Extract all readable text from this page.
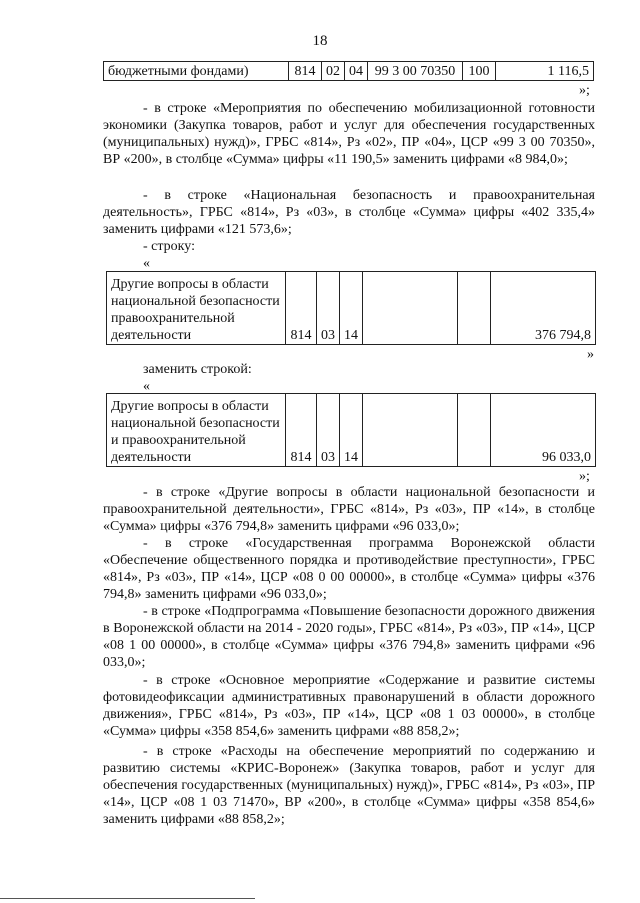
18
бюджетными фондами)	814	02	04	99 3 00 70350	100	1 116,5
»;

- в строке «Мероприятия по обеспечению мобилизационной готовности экономики (Закупка товаров, работ и услуг для обеспечения государственных (муниципальных) нужд)», ГРБС «814», Рз «02», ПР «04», ЦСР «99 3 00 70350», ВР «200», в столбце «Сумма» цифры «11 190,5» заменить цифрами «8 984,0»;

- в строке «Национальная безопасность и правоохранительная деятельность», ГРБС «814», Рз «03», в столбце «Сумма» цифры «402 335,4» заменить цифрами «121 573,6»;

- строку:
«
Другие вопросы в области национальной безопасности правоохранительной деятельности	814	03	14			376 794,8
»
заменить строкой:
«
Другие вопросы в области национальной безопасности и правоохранительной деятельности	814	03	14			96 033,0
»;

- в строке «Другие вопросы в области национальной безопасности и правоохранительной деятельности», ГРБС «814», Рз «03», ПР «14», в столбце «Сумма» цифры «376 794,8» заменить цифрами «96 033,0»;

- в строке «Государственная программа Воронежской области «Обеспечение общественного порядка и противодействие преступности», ГРБС «814», Рз «03», ПР «14», ЦСР «08 0 00 00000», в столбце «Сумма» цифры «376 794,8» заменить цифрами «96 033,0»;

- в строке «Подпрограмма «Повышение безопасности дорожного движения в Воронежской области на 2014 - 2020 годы», ГРБС «814», Рз «03», ПР «14», ЦСР «08 1 00 00000», в столбце «Сумма» цифры «376 794,8» заменить цифрами «96 033,0»;

- в строке «Основное мероприятие «Содержание и развитие системы фотовидеофиксации административных правонарушений в области дорожного движения», ГРБС «814», Рз «03», ПР «14», ЦСР «08 1 03 00000», в столбце «Сумма» цифры «358 854,6» заменить цифрами «88 858,2»;

- в строке «Расходы на обеспечение мероприятий по содержанию и развитию системы «КРИС-Воронеж» (Закупка товаров, работ и услуг для обеспечения государственных (муниципальных) нужд)», ГРБС «814», Рз «03», ПР «14», ЦСР «08 1 03 71470», ВР «200», в столбце «Сумма» цифры «358 854,6» заменить цифрами «88 858,2»;
